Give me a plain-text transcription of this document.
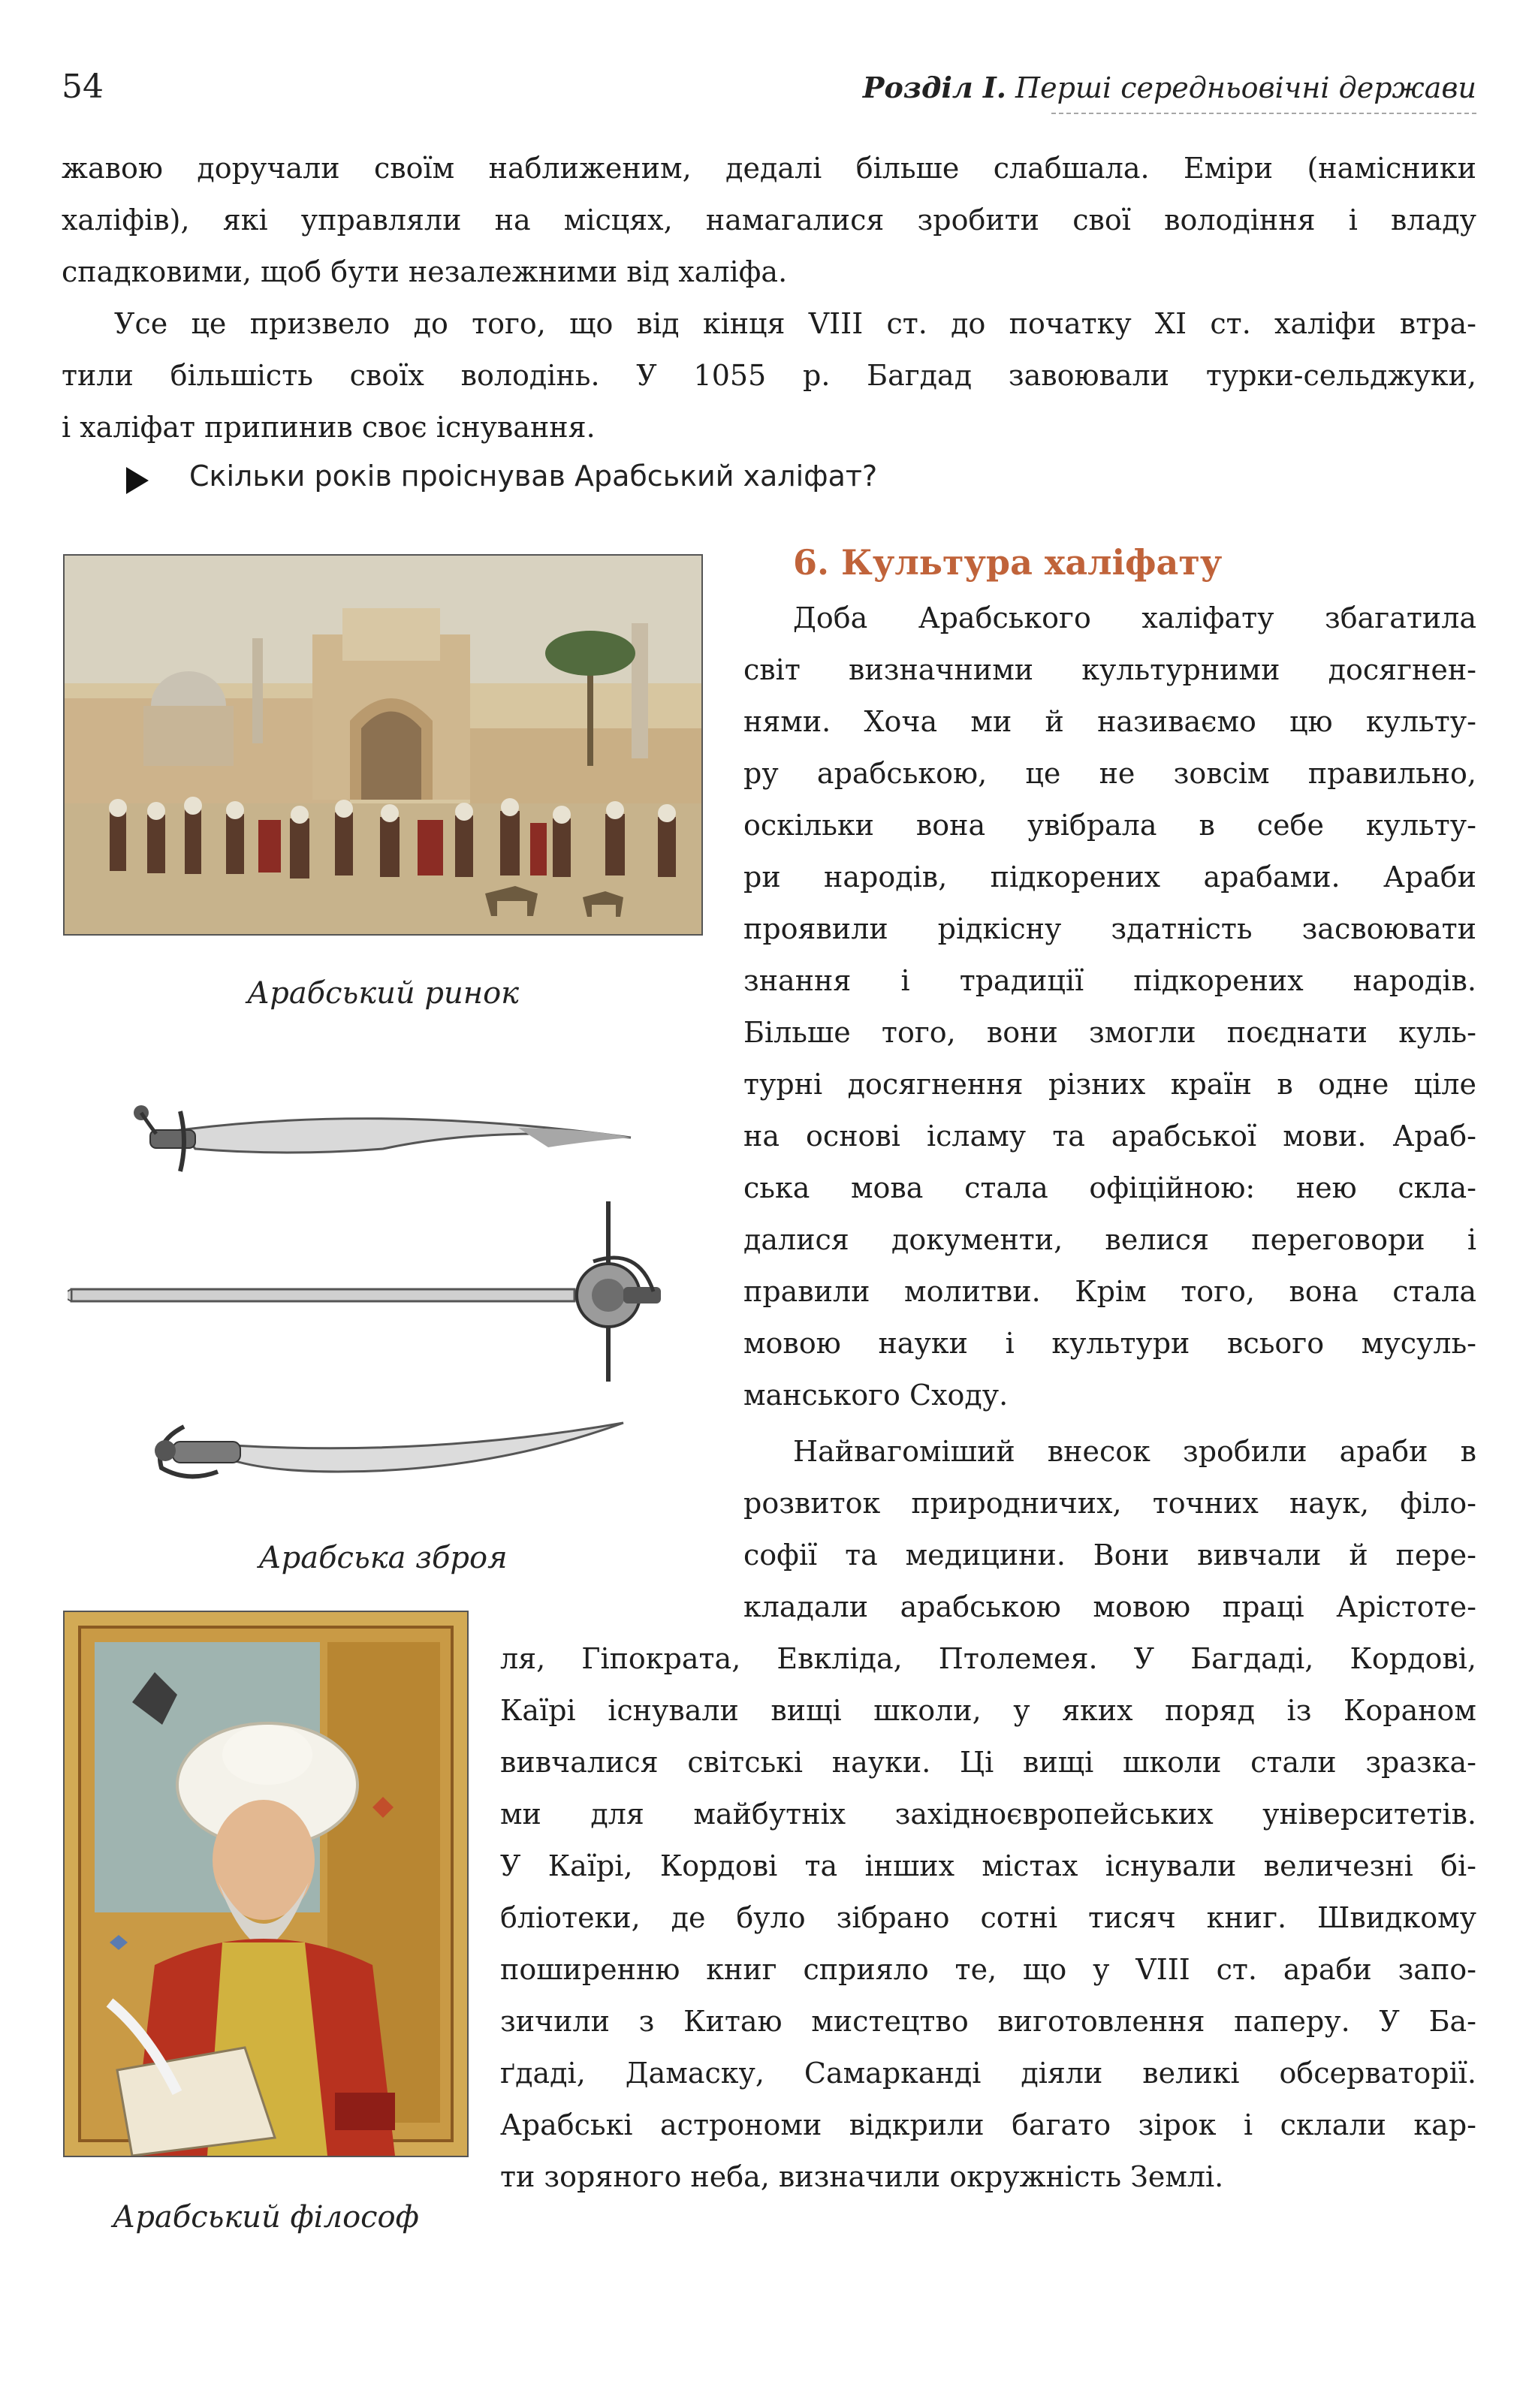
54	Розділ І. Перші середньовічні держави
жавою доручали своїм наближеним, дедалі більше слабшала. Еміри (намісники
халіфів), які управляли на місцях, намагалися зробити свої володіння і владу
спадковими, щоб бути незалежними від халіфа.
Усе це призвело до того, що від кінця VIII ст. до початку ХІ ст. халіфи втра-
тили більшість своїх володінь. У 1055 р. Багдад завоювали турки-сельджуки,
і халіфат припинив своє існування.
Скільки років проіснував Арабський халіфат?
Арабський ринок
Арабська зброя
Арабський філософ
6. Культура халіфату
Доба Арабського халіфату збагатила
світ визначними культурними досягнен-
нями. Хоча ми й називаємо цю культу-
ру арабською, це не зовсім правильно,
оскільки вона увібрала в себе культу-
ри народів, підкорених арабами. Араби
проявили рідкісну здатність засвоювати
знання і традиції підкорених народів.
Більше того, вони змогли поєднати куль-
турні досягнення різних країн в одне ціле
на основі ісламу та арабської мови. Араб-
ська мова стала офіційною: нею скла-
далися документи, велися переговори і
правили молитви. Крім того, вона стала
мовою науки і культури всього мусуль-
манського Сходу.
Найвагоміший внесок зробили араби в
розвиток природничих, точних наук, філо-
софії та медицини. Вони вивчали й пере-
кладали арабською мовою праці Арістоте-
ля, Гіпократа, Евкліда, Птолемея. У Багдаді, Кордові,
Каїрі існували вищі школи, у яких поряд із Кораном
вивчалися світські науки. Ці вищі школи стали зразка-
ми для майбутніх західноєвропейських університетів.
У Каїрі, Кордові та інших містах існували величезні бі-
бліотеки, де було зібрано сотні тисяч книг. Швидкому
поширенню книг сприяло те, що у VIII ст. араби запо-
зичили з Китаю мистецтво виготовлення паперу. У Ба-
ґдаді, Дамаску, Самарканді діяли великі обсерваторії.
Арабські астрономи відкрили багато зірок і склали кар-
ти зоряного неба, визначили окружність Землі.
